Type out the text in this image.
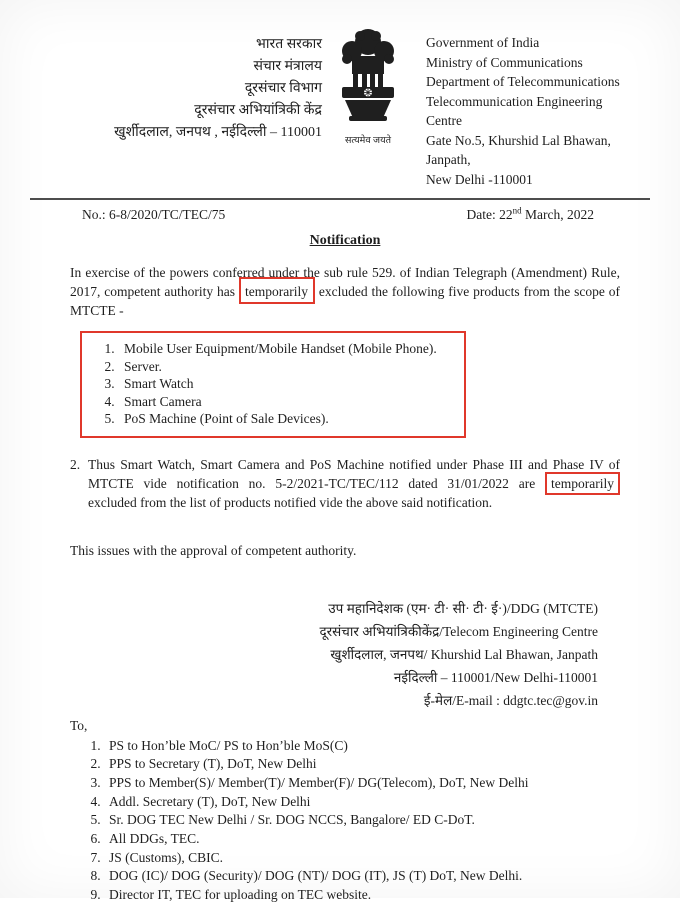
भारत सरकार
संचार मंत्रालय
दूरसंचार विभाग
दूरसंचार अभियांत्रिकी केंद्र
खुर्शीदलाल, जनपथ , नईदिल्ली – 110001
सत्यमेव जयते
Government of India
Ministry of Communications
Department of Telecommunications
Telecommunication Engineering Centre
Gate No.5, Khurshid Lal Bhawan, Janpath,
New Delhi -110001
No.: 6-8/2020/TC/TEC/75	Date: 22nd March, 2022
Notification
In exercise of the powers conferred under the sub rule 529. of Indian Telegraph (Amendment) Rule, 2017, competent authority has temporarily excluded the following five products from the scope of MTCTE -
1. Mobile User Equipment/Mobile Handset (Mobile Phone).
2. Server.
3. Smart Watch
4. Smart Camera
5. PoS Machine (Point of Sale Devices).
2. Thus Smart Watch, Smart Camera and PoS Machine notified under Phase III and Phase IV of MTCTE vide notification no. 5-2/2021-TC/TEC/112 dated 31/01/2022 are temporarily excluded from the list of products notified vide the above said notification.
This issues with the approval of competent authority.
उप महानिदेशक (एम· टी· सी· टी· ई·)/DDG (MTCTE)
दूरसंचार अभियांत्रिकीकेंद्र/Telecom Engineering Centre
खुर्शीदलाल, जनपथ/ Khurshid Lal Bhawan, Janpath
नईदिल्ली – 110001/New Delhi-110001
ई-मेल/E-mail : ddgtc.tec@gov.in
To,
1. PS to Hon’ble MoC/ PS to Hon’ble MoS(C)
2. PPS to Secretary (T), DoT, New Delhi
3. PPS to Member(S)/ Member(T)/ Member(F)/ DG(Telecom), DoT, New Delhi
4. Addl. Secretary (T), DoT, New Delhi
5. Sr. DOG TEC New Delhi / Sr. DOG NCCS, Bangalore/ ED C-DoT.
6. All DDGs, TEC.
7. JS (Customs), CBIC.
8. DOG (IC)/ DOG (Security)/ DOG (NT)/ DOG (IT), JS (T) DoT, New Delhi.
9. Director IT, TEC for uploading on TEC website.
